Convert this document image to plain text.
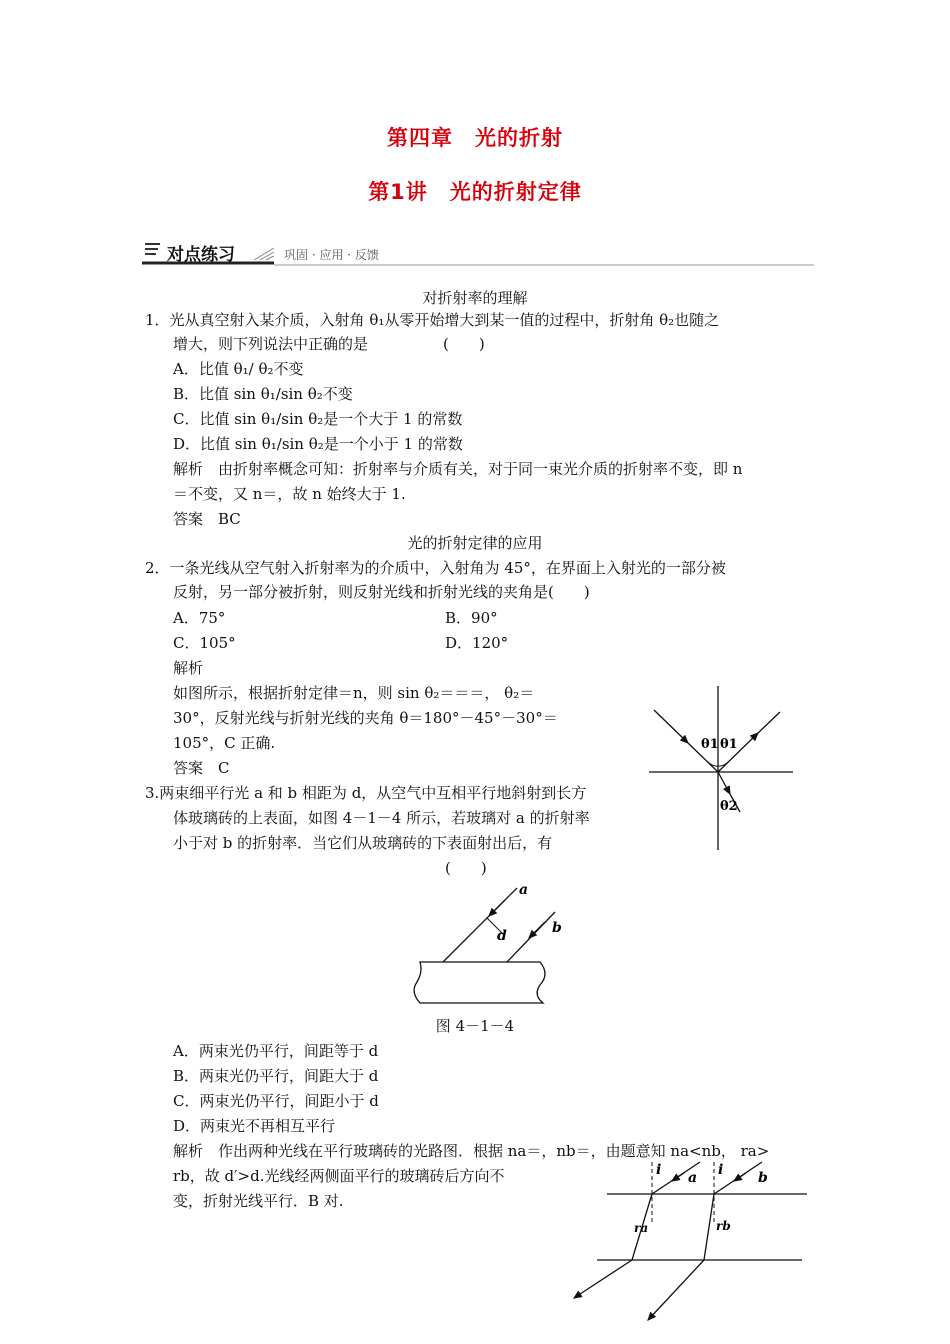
第四章　光的折射
第1讲　光的折射定律
对点练习	巩固 · 应用 · 反馈
对折射率的理解
1．光从真空射入某介质，入射角 θ₁从零开始增大到某一值的过程中，折射角 θ₂也随之
增大，则下列说法中正确的是　　　　　(　　)
A．比值 θ₁/ θ₂不变
B．比值 sin θ₁/sin θ₂不变
C．比值 sin θ₁/sin θ₂是一个大于 1 的常数
D．比值 sin θ₁/sin θ₂是一个小于 1 的常数
解析　由折射率概念可知：折射率与介质有关，对于同一束光介质的折射率不变，即 n
＝不变，又 n＝，故 n 始终大于 1.
答案　BC
光的折射定律的应用
2．一条光线从空气射入折射率为的介质中，入射角为 45°，在界面上入射光的一部分被
反射，另一部分被折射，则反射光线和折射光线的夹角是(　　)
A．75°	B．90°
C．105°	D．120°
解析
如图所示，根据折射定律＝n，则 sin θ₂＝＝＝， θ₂＝
30°，反射光线与折射光线的夹角 θ＝180°－45°－30°＝
105°，C 正确.
答案　C
θ1 θ1
θ2
3.两束细平行光 a 和 b 相距为 d，从空气中互相平行地斜射到长方
体玻璃砖的上表面，如图 4－1－4 所示，若玻璃对 a 的折射率
小于对 b 的折射率．当它们从玻璃砖的下表面射出后，有
(　　)
a
b
d
图 4－1－4
A．两束光仍平行，间距等于 d
B．两束光仍平行，间距大于 d
C．两束光仍平行，间距小于 d
D．两束光不再相互平行
解析　作出两种光线在平行玻璃砖的光路图．根据 na＝，nb＝，由题意知 na<nb， ra>
rb，故 d′>d.光线经两侧面平行的玻璃砖后方向不
变，折射光线平行．B 对.
i	i
a	b
ra	rb
